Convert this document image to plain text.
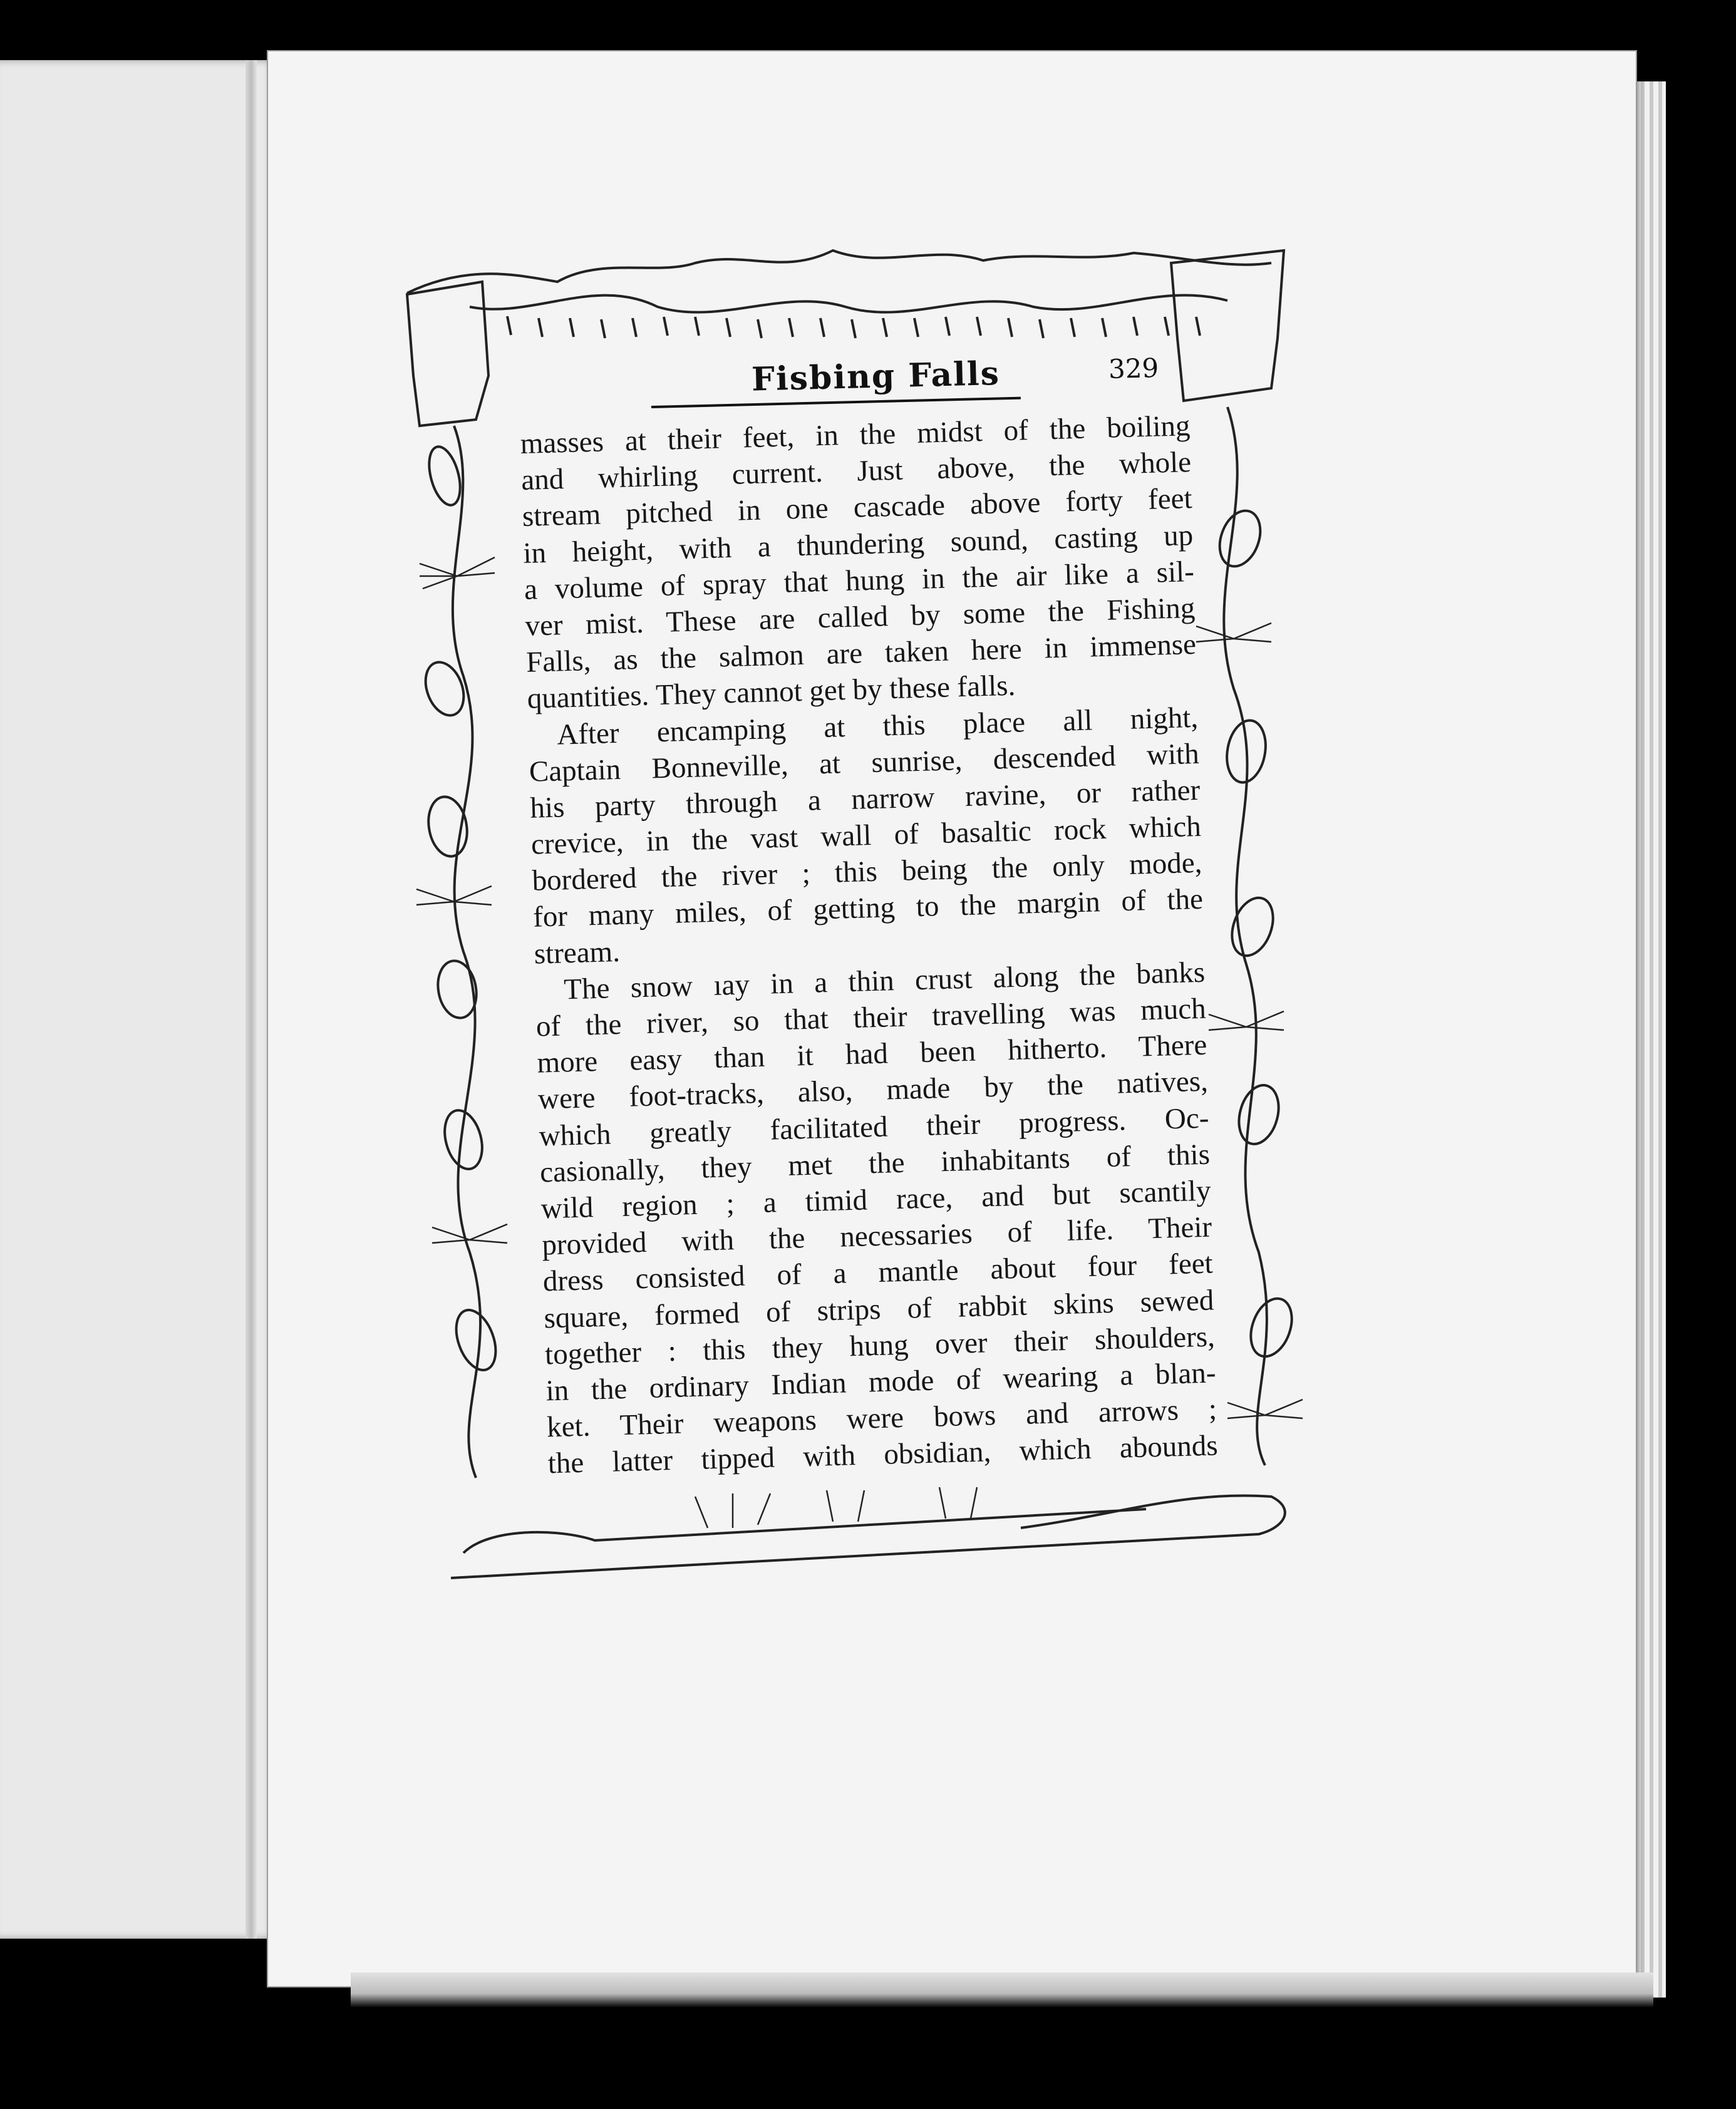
Fisbing Falls	329
masses at their feet, in the midst of the boiling
and whirling current. Just above, the whole
stream pitched in one cascade above forty feet
in height, with a thundering sound, casting up
a volume of spray that hung in the air like a sil-
ver mist. These are called by some the Fishing
Falls, as the salmon are taken here in immense
quantities. They cannot get by these falls.
After encamping at this place all night,
Captain Bonneville, at sunrise, descended with
his party through a narrow ravine, or rather
crevice, in the vast wall of basaltic rock which
bordered the river ; this being the only mode,
for many miles, of getting to the margin of the
stream.
The snow ıay in a thin crust along the banks
of the river, so that their travelling was much
more easy than it had been hitherto. There
were foot-tracks, also, made by the natives,
which greatly facilitated their progress. Oc-
casionally, they met the inhabitants of this
wild region ; a timid race, and but scantily
provided with the necessaries of life. Their
dress consisted of a mantle about four feet
square, formed of strips of rabbit skins sewed
together : this they hung over their shoulders,
in the ordinary Indian mode of wearing a blan-
ket. Their weapons were bows and arrows ;
the latter tipped with obsidian, which abounds
